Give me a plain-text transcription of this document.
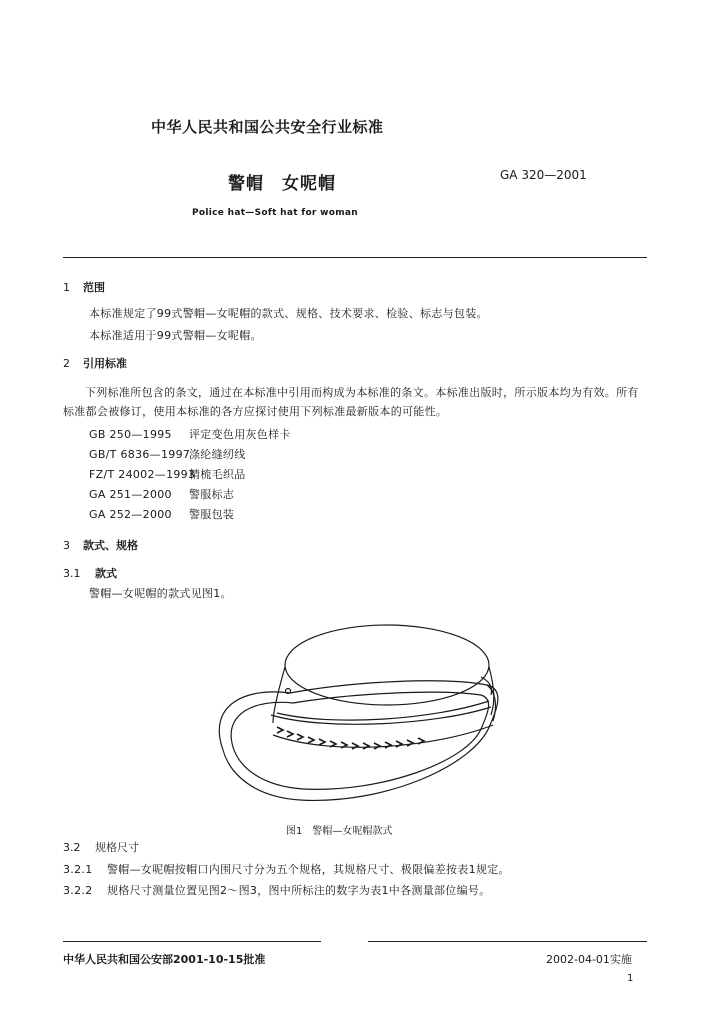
中华人民共和国公共安全行业标准
警帽　女呢帽	GA 320—2001
Police hat—Soft hat for woman
1 范围
本标准规定了99式警帽—女呢帽的款式、规格、技术要求、检验、标志与包装。
本标准适用于99式警帽—女呢帽。
2 引用标准
下列标准所包含的条文，通过在本标准中引用而构成为本标准的条文。本标准出版时，所示版本均为有效。所有标准都会被修订，使用本标准的各方应探讨使用下列标准最新版本的可能性。
GB 250—1995 评定变色用灰色样卡
GB/T 6836—1997涤纶缝纫线
FZ/T 24002—1993精梳毛织品
GA 251—2000 警服标志
GA 252—2000 警服包装
3 款式、规格
3.1 款式
警帽—女呢帽的款式见图1。
图1　警帽—女呢帽款式
3.2 规格尺寸
3.2.1 警帽—女呢帽按帽口内围尺寸分为五个规格，其规格尺寸、极限偏差按表1规定。
3.2.2 规格尺寸测量位置见图2～图3，图中所标注的数字为表1中各测量部位编号。
中华人民共和国公安部2001-10-15批准	2002-04-01实施
1
